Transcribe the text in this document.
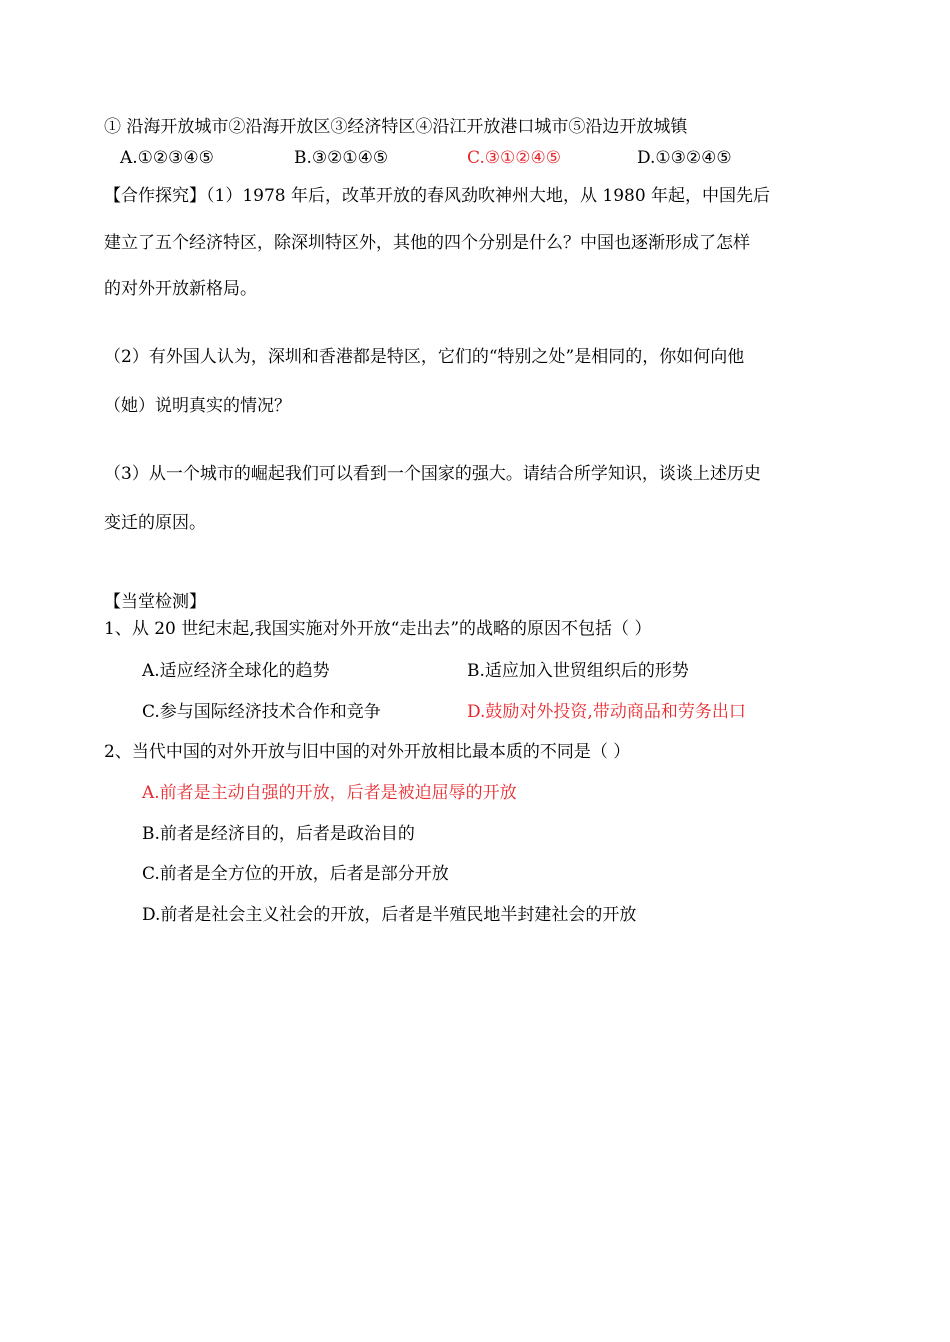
① 沿海开放城市②沿海开放区③经济特区④沿江开放港口城市⑤沿边开放城镇
A.①②③④⑤	B.③②①④⑤	C.③①②④⑤	D.①③②④⑤
【合作探究】（1）1978 年后，改革开放的春风劲吹神州大地，从 1980 年起，中国先后
建立了五个经济特区，除深圳特区外，其他的四个分别是什么？中国也逐渐形成了怎样
的对外开放新格局。
（2）有外国人认为，深圳和香港都是特区，它们的“特别之处”是相同的，你如何向他
（她）说明真实的情况？
（3）从一个城市的崛起我们可以看到一个国家的强大。请结合所学知识，谈谈上述历史
变迁的原因。
【当堂检测】
1、从 20 世纪末起,我国实施对外开放“走出去”的战略的原因不包括（ ）
A.适应经济全球化的趋势	B.适应加入世贸组织后的形势
C.参与国际经济技术合作和竞争	D.鼓励对外投资,带动商品和劳务出口
2、当代中国的对外开放与旧中国的对外开放相比最本质的不同是（ ）
A.前者是主动自强的开放，后者是被迫屈辱的开放
B.前者是经济目的，后者是政治目的
C.前者是全方位的开放，后者是部分开放
D.前者是社会主义社会的开放，后者是半殖民地半封建社会的开放
